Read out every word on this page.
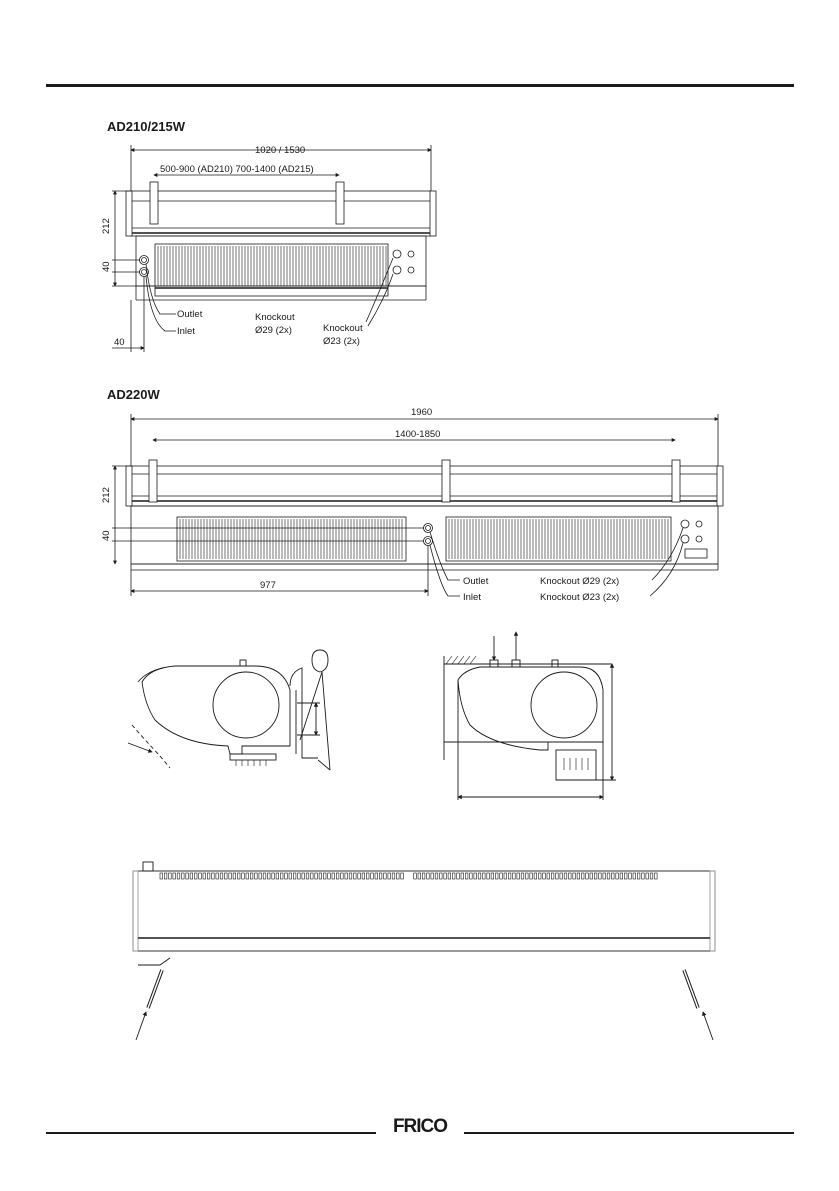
AD210/215W
AD220W
1020 / 1530
500-900 (AD210) 700-1400 (AD215)
212
40
40
Outlet
Inlet
Knockout
Ø29 (2x)	Knockout
Ø23 (2x)
1960
1400-1850
212
40
977	Outlet
Inlet
Knockout Ø29 (2x)
Knockout Ø23 (2x)
FRICO
